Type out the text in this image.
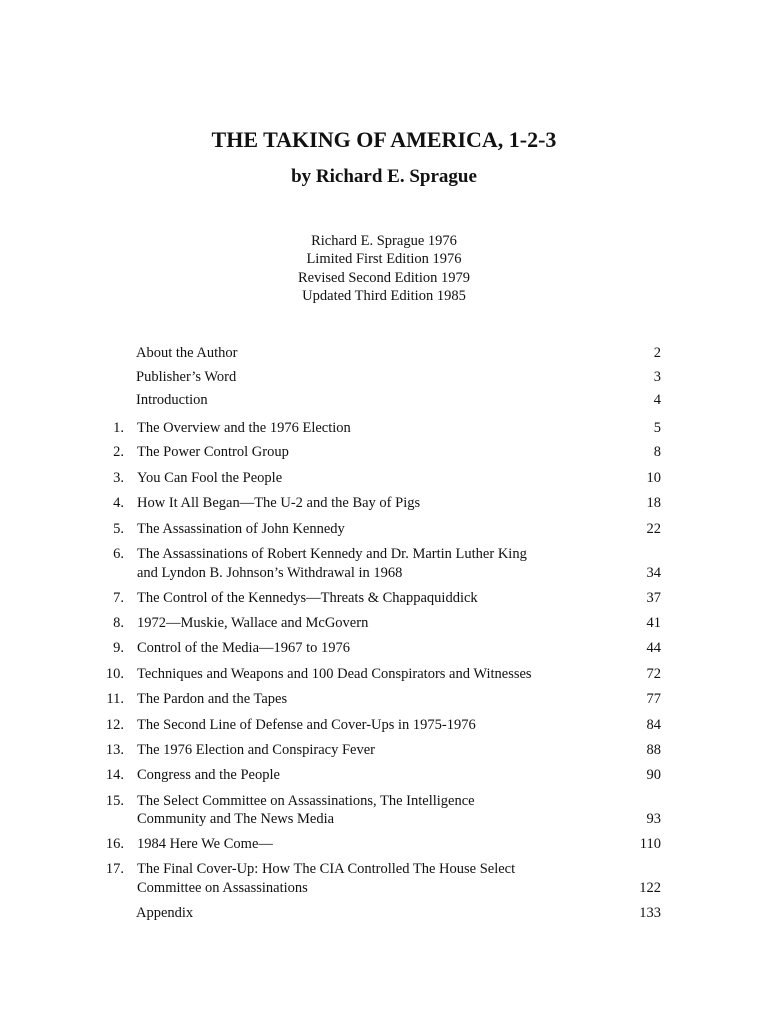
THE TAKING OF AMERICA, 1-2-3
by Richard E. Sprague
Richard E. Sprague 1976
Limited First Edition 1976
Revised Second Edition 1979
Updated Third Edition 1985
About the Author	2
Publisher’s Word	3
Introduction	4
1. The Overview and the 1976 Election	5
2. The Power Control Group	8
3. You Can Fool the People	10
4. How It All Began—The U-2 and the Bay of Pigs	18
5. The Assassination of John Kennedy	22
6. The Assassinations of Robert Kennedy and Dr. Martin Luther King
and Lyndon B. Johnson’s Withdrawal in 1968	34
7. The Control of the Kennedys—Threats & Chappaquiddick	37
8. 1972—Muskie, Wallace and McGovern	41
9. Control of the Media—1967 to 1976	44
10. Techniques and Weapons and 100 Dead Conspirators and Witnesses	72
11. The Pardon and the Tapes	77
12. The Second Line of Defense and Cover-Ups in 1975-1976	84
13. The 1976 Election and Conspiracy Fever	88
14. Congress and the People	90
15. The Select Committee on Assassinations, The Intelligence
Community and The News Media	93
16. 1984 Here We Come—	110
17. The Final Cover-Up: How The CIA Controlled The House Select
Committee on Assassinations	122
Appendix	133
